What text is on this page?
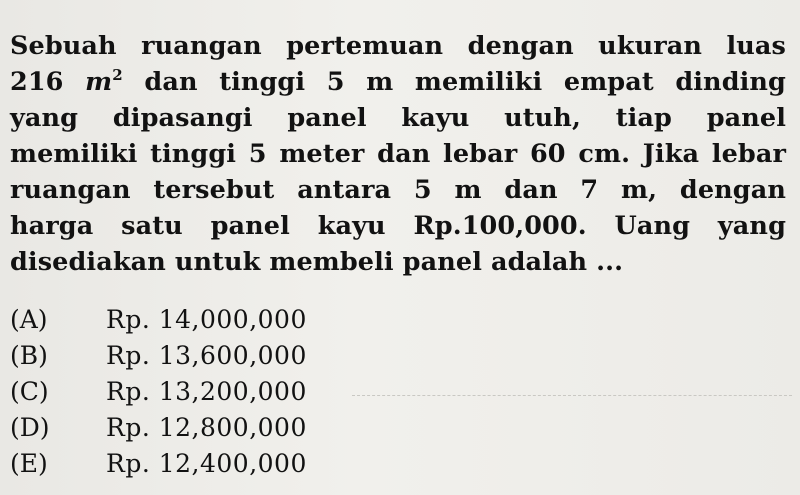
Sebuah ruangan pertemuan dengan ukuran luas
216 $m^2$ dan tinggi 5 m memiliki empat dinding
yang dipasangi panel kayu utuh, tiap panel
memiliki tinggi 5 meter dan lebar 60 cm. Jika lebar
ruangan tersebut antara 5 m dan 7 m, dengan
harga satu panel kayu Rp.100,000. Uang yang
disediakan untuk membeli panel adalah ...
(A)	Rp. 14,000,000
(B)	Rp. 13,600,000
(C)	Rp. 13,200,000
(D)	Rp. 12,800,000
(E)	Rp. 12,400,000
